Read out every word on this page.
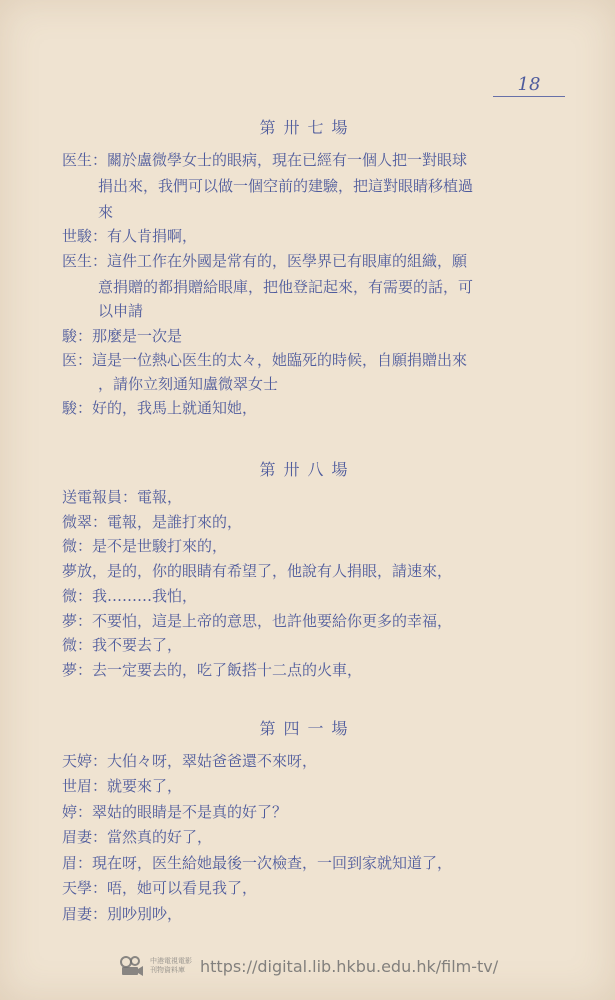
18
第卅七場
医生：關於盧微學女士的眼病，現在已經有一個人把一對眼球
捐出來，我們可以做一個空前的建驗，把這對眼睛移植過
來
世駿：有人肯捐啊，
医生：這件工作在外國是常有的，医學界已有眼庫的組織，願
意捐贈的都捐贈給眼庫，把他登記起來，有需要的話，可
以申請
駿：那麼是一次是
医：這是一位熱心医生的太々，她臨死的時候，自願捐贈出來
，請你立刻通知盧微翠女士
駿：好的，我馬上就通知她，
第卅八場
送電報員：電報，
微翠：電報，是誰打來的，
微：是不是世駿打來的，
夢放，是的，你的眼睛有希望了，他說有人捐眼，請速來，
微：我………我怕，
夢：不要怕，這是上帝的意思，也許他要給你更多的幸福，
微：我不要去了，
夢：去一定要去的，吃了飯搭十二点的火車，
第四一場
天婷：大伯々呀，翠姑爸爸還不來呀，
世眉：就要來了，
婷：翠姑的眼睛是不是真的好了？
眉妻：當然真的好了，
眉：現在呀，医生給她最後一次檢查，一回到家就知道了，
天學：唔，她可以看見我了，
眉妻：別吵別吵，
中港電視電影 刊物資料庫 https://digital.lib.hkbu.edu.hk/film-tv/
